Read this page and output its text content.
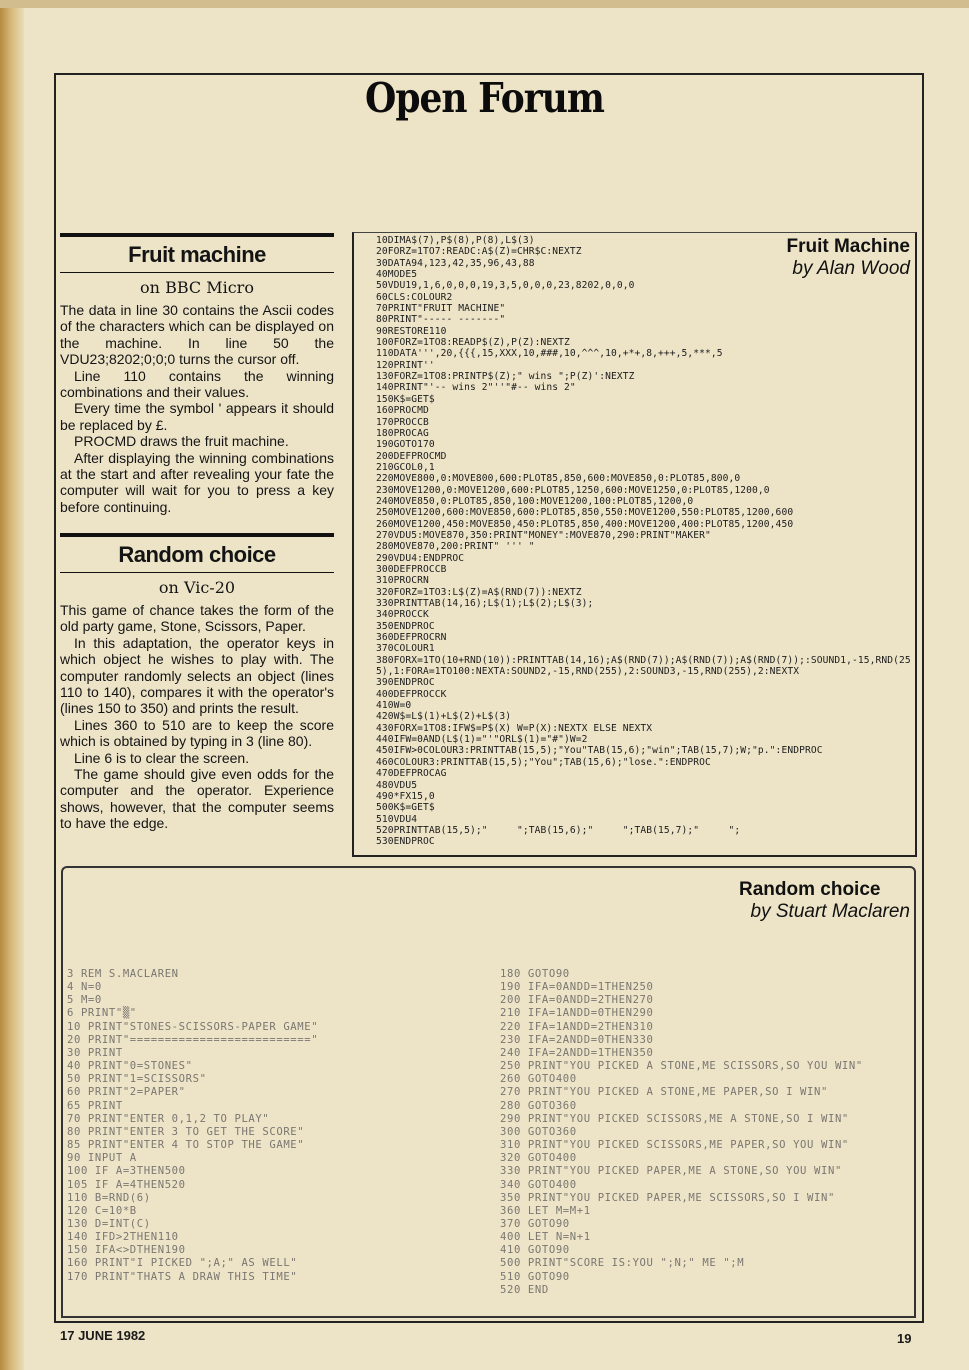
Open Forum
Fruit machine
on BBC Micro

The data in line 30 contains the Ascii codes of the characters which can be displayed on the machine. In line 50 the VDU23;8202;0;0;0 turns the cursor off.

Line 110 contains the winning combinations and their values.

Every time the symbol ' appears it should be replaced by £.

PROCMD draws the fruit machine.

After displaying the winning combinations at the start and after revealing your fate the computer will wait for you to press a key before continuing.

Random choice
on Vic-20

This game of chance takes the form of the old party game, Stone, Scissors, Paper.

In this adaptation, the operator keys in which object he wishes to play with. The computer randomly selects an object (lines 110 to 140), compares it with the operator's (lines 150 to 350) and prints the result.

Lines 360 to 510 are to keep the score which is obtained by typing in 3 (line 80).

Line 6 is to clear the screen.

The game should give even odds for the computer and the operator. Experience shows, however, that the computer seems to have the edge.

10DIMA$(7),P$(8),P(8),L$(3)
20FORZ=1TO7:READC:A$(Z)=CHR$C:NEXTZ
30DATA94,123,42,35,96,43,88
40MODE5
50VDU19,1,6,0,0,0,19,3,5,0,0,0,23,8202,0,0,0
60CLS:COLOUR2
70PRINT"FRUIT MACHINE"
80PRINT"----- -------"
90RESTORE110
100FORZ=1TO8:READP$(Z),P(Z):NEXTZ
110DATA''',20,{{{,15,XXX,10,###,10,^^^,10,+*+,8,+++,5,***,5
120PRINT''
130FORZ=1TO8:PRINTP$(Z);" wins ";P(Z)':NEXTZ
140PRINT"'-- wins 2"''"#-- wins 2"
150K$=GET$
160PROCMD
170PROCCB
180PROCAG
190GOTO170
200DEFPROCMD
210GCOL0,1
220MOVE800,0:MOVE800,600:PLOT85,850,600:MOVE850,0:PLOT85,800,0
230MOVE1200,0:MOVE1200,600:PLOT85,1250,600:MOVE1250,0:PLOT85,1200,0
240MOVE850,0:PLOT85,850,100:MOVE1200,100:PLOT85,1200,0
250MOVE1200,600:MOVE850,600:PLOT85,850,550:MOVE1200,550:PLOT85,1200,600
260MOVE1200,450:MOVE850,450:PLOT85,850,400:MOVE1200,400:PLOT85,1200,450
270VDU5:MOVE870,350:PRINT"MONEY":MOVE870,290:PRINT"MAKER"
280MOVE870,200:PRINT" ''' "
290VDU4:ENDPROC
300DEFPROCCB
310PROCRN
320FORZ=1TO3:L$(Z)=A$(RND(7)):NEXTZ
330PRINTTAB(14,16);L$(1);L$(2);L$(3);
340PROCCK
350ENDPROC
360DEFPROCRN
370COLOUR1
380FORX=1TO(10+RND(10)):PRINTTAB(14,16);A$(RND(7));A$(RND(7));A$(RND(7));:SOUND1,-15,RND(255),1:FORA=1TO100:NEXTA:SOUND2,-15,RND(255),2:SOUND3,-15,RND(255),2:NEXTX
390ENDPROC
400DEFPROCCK
410W=0
420W$=L$(1)+L$(2)+L$(3)
430FORX=1TO8:IFW$=P$(X) W=P(X):NEXTX ELSE NEXTX
440IFW=0AND(L$(1)="'"ORL$(1)="#")W=2
450IFW>0COLOUR3:PRINTTAB(15,5);"You"TAB(15,6);"win";TAB(15,7);W;"p.":ENDPROC
460COLOUR3:PRINTTAB(15,5);"You";TAB(15,6);"lose.":ENDPROC
470DEFPROCAG
480VDU5
490*FX15,0
500K$=GET$
510VDU4
520PRINTTAB(15,5);"     ";TAB(15,6);"     ";TAB(15,7);"     ";
530ENDPROC
Fruit Machine
by Alan Wood
Random choice
by Stuart Maclaren
3 REM S.MACLAREN
4 N=0
5 M=0
6 PRINT"▒"
10 PRINT"STONES-SCISSORS-PAPER GAME"
20 PRINT"=========================="
30 PRINT
40 PRINT"0=STONES"
50 PRINT"1=SCISSORS"
60 PRINT"2=PAPER"
65 PRINT
70 PRINT"ENTER 0,1,2 TO PLAY"
80 PRINT"ENTER 3 TO GET THE SCORE"
85 PRINT"ENTER 4 TO STOP THE GAME"
90 INPUT A
100 IF A=3THEN500
105 IF A=4THEN520
110 B=RND(6)
120 C=10*B
130 D=INT(C)
140 IFD>2THEN110
150 IFA<>DTHEN190
160 PRINT"I PICKED ";A;" AS WELL"
170 PRINT"THATS A DRAW THIS TIME"
180 GOTO90
190 IFA=0ANDD=1THEN250
200 IFA=0ANDD=2THEN270
210 IFA=1ANDD=0THEN290
220 IFA=1ANDD=2THEN310
230 IFA=2ANDD=0THEN330
240 IFA=2ANDD=1THEN350
250 PRINT"YOU PICKED A STONE,ME SCISSORS,SO YOU WIN"
260 GOTO400
270 PRINT"YOU PICKED A STONE,ME PAPER,SO I WIN"
280 GOTO360
290 PRINT"YOU PICKED SCISSORS,ME A STONE,SO I WIN"
300 GOTO360
310 PRINT"YOU PICKED SCISSORS,ME PAPER,SO YOU WIN"
320 GOTO400
330 PRINT"YOU PICKED PAPER,ME A STONE,SO YOU WIN"
340 GOTO400
350 PRINT"YOU PICKED PAPER,ME SCISSORS,SO I WIN"
360 LET M=M+1
370 GOTO90
400 LET N=N+1
410 GOTO90
500 PRINT"SCORE IS:YOU ";N;" ME ";M
510 GOTO90
520 END
17 JUNE 1982	19
